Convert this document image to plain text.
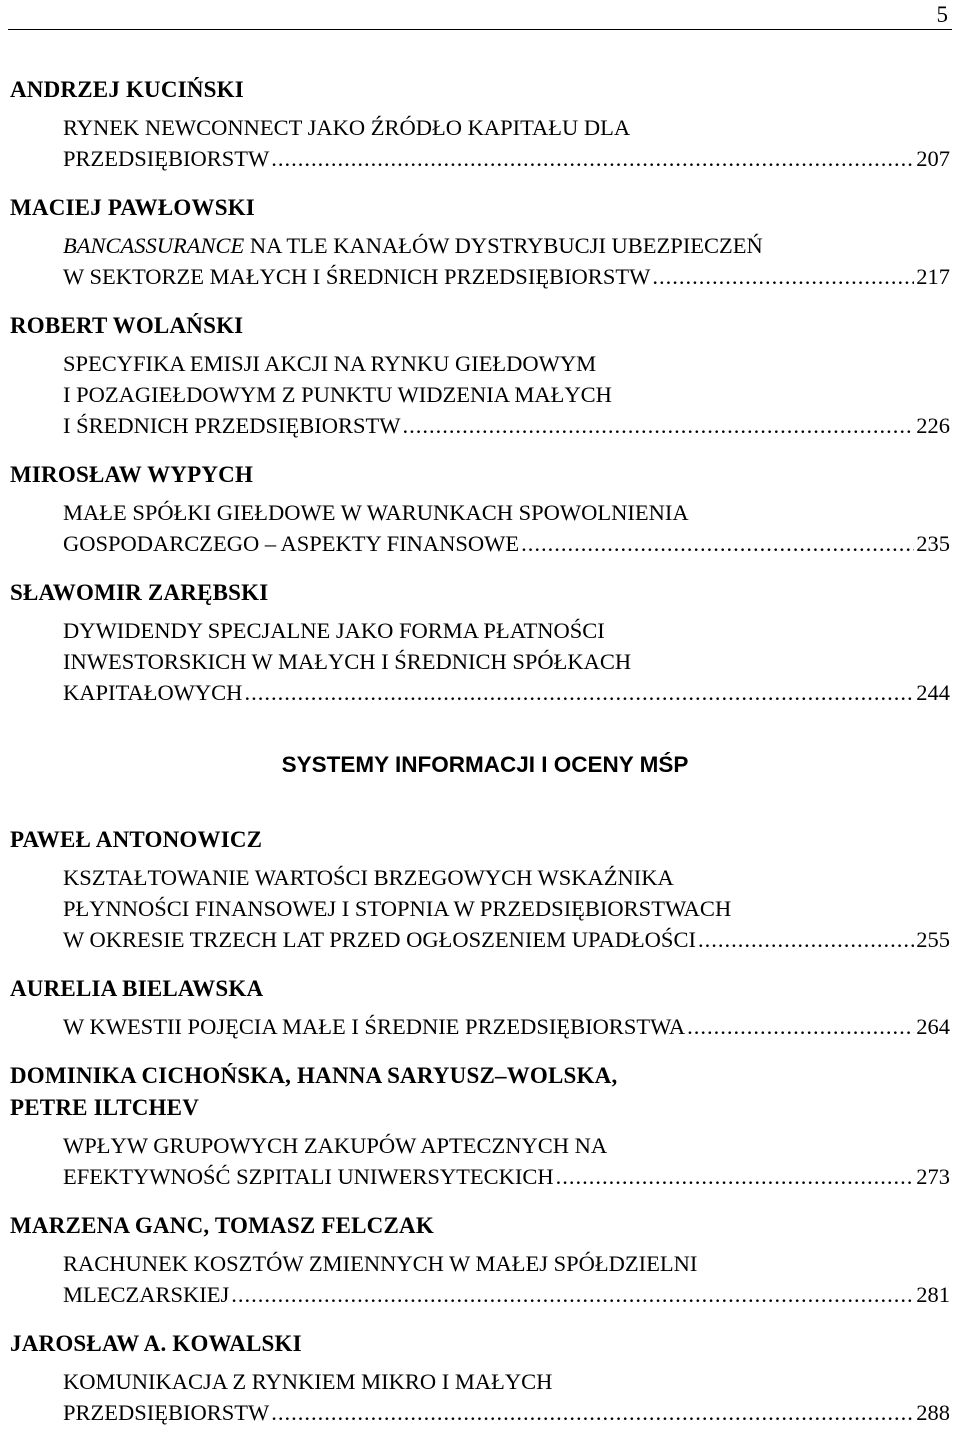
5
ANDRZEJ KUCIŃSKI
RYNEK NEWCONNECT JAKO ŹRÓDŁO KAPITAŁU DLA
PRZEDSIĘBIORSTW .....	207
MACIEJ PAWŁOWSKI
BANCASSURANCE NA TLE KANAŁÓW DYSTRYBUCJI UBEZPIECZEŃ
W SEKTORZE MAŁYCH I ŚREDNICH PRZEDSIĘBIORSTW .....	217
ROBERT WOLAŃSKI
SPECYFIKA EMISJI AKCJI NA RYNKU GIEŁDOWYM
I POZAGIEŁDOWYM Z PUNKTU WIDZENIA MAŁYCH
I ŚREDNICH PRZEDSIĘBIORSTW .....	226
MIROSŁAW WYPYCH
MAŁE SPÓŁKI GIEŁDOWE W WARUNKACH SPOWOLNIENIA
GOSPODARCZEGO – ASPEKTY FINANSOWE .....	235
SŁAWOMIR ZARĘBSKI
DYWIDENDY SPECJALNE JAKO FORMA PŁATNOŚCI
INWESTORSKICH W MAŁYCH I ŚREDNICH SPÓŁKACH
KAPITAŁOWYCH .....	244
SYSTEMY INFORMACJI I OCENY MŚP
PAWEŁ ANTONOWICZ
KSZTAŁTOWANIE WARTOŚCI BRZEGOWYCH WSKAŹNIKA
PŁYNNOŚCI FINANSOWEJ I STOPNIA W PRZEDSIĘBIORSTWACH
W OKRESIE TRZECH LAT PRZED OGŁOSZENIEM UPADŁOŚCI .....	255
AURELIA BIELAWSKA
W KWESTII POJĘCIA MAŁE I ŚREDNIE PRZEDSIĘBIORSTWA .....	264
DOMINIKA CICHOŃSKA, HANNA SARYUSZ–WOLSKA,
PETRE ILTCHEV
WPŁYW GRUPOWYCH ZAKUPÓW APTECZNYCH NA
EFEKTYWNOŚĆ SZPITALI UNIWERSYTECKICH .....	273
MARZENA GANC, TOMASZ FELCZAK
RACHUNEK KOSZTÓW ZMIENNYCH W MAŁEJ SPÓŁDZIELNI
MLECZARSKIEJ .....	281
JAROSŁAW A. KOWALSKI
KOMUNIKACJA Z RYNKIEM MIKRO I MAŁYCH
PRZEDSIĘBIORSTW .....	288
